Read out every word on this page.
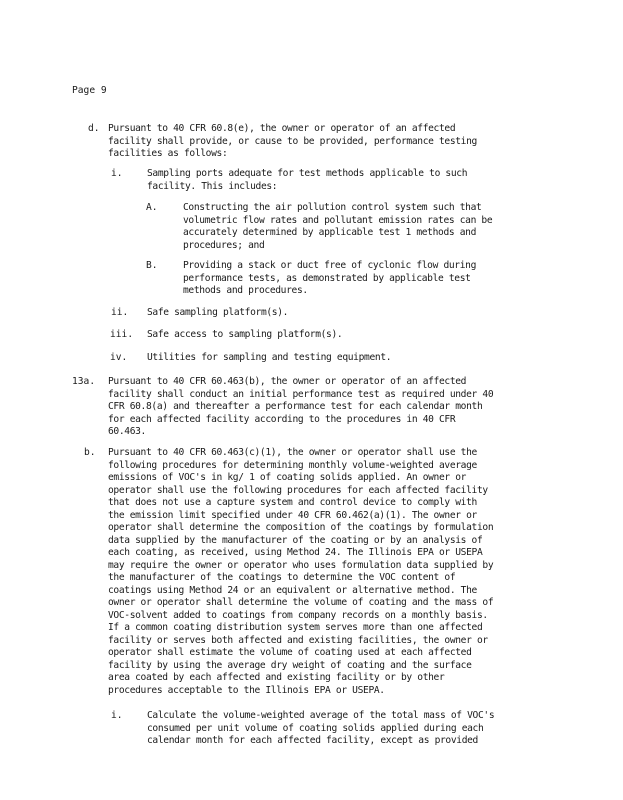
Page 9
d. Pursuant to 40 CFR 60.8(e), the owner or operator of an affected
facility shall provide, or cause to be provided, performance testing
facilities as follows:
i.	Sampling ports adequate for test methods applicable to such
facility. This includes:
A.	Constructing the air pollution control system such that
volumetric flow rates and pollutant emission rates can be
accurately determined by applicable test 1 methods and
procedures; and
B.	Providing a stack or duct free of cyclonic flow during
performance tests, as demonstrated by applicable test
methods and procedures.
ii. Safe sampling platform(s).
iii. Safe access to sampling platform(s).
iv. Utilities for sampling and testing equipment.
13a. Pursuant to 40 CFR 60.463(b), the owner or operator of an affected
facility shall conduct an initial performance test as required under 40
CFR 60.8(a) and thereafter a performance test for each calendar month
for each affected facility according to the procedures in 40 CFR
60.463.
b. Pursuant to 40 CFR 60.463(c)(1), the owner or operator shall use the
following procedures for determining monthly volume-weighted average
emissions of VOC's in kg/ 1 of coating solids applied. An owner or
operator shall use the following procedures for each affected facility
that does not use a capture system and control device to comply with
the emission limit specified under 40 CFR 60.462(a)(1). The owner or
operator shall determine the composition of the coatings by formulation
data supplied by the manufacturer of the coating or by an analysis of
each coating, as received, using Method 24. The Illinois EPA or USEPA
may require the owner or operator who uses formulation data supplied by
the manufacturer of the coatings to determine the VOC content of
coatings using Method 24 or an equivalent or alternative method. The
owner or operator shall determine the volume of coating and the mass of
VOC-solvent added to coatings from company records on a monthly basis.
If a common coating distribution system serves more than one affected
facility or serves both affected and existing facilities, the owner or
operator shall estimate the volume of coating used at each affected
facility by using the average dry weight of coating and the surface
area coated by each affected and existing facility or by other
procedures acceptable to the Illinois EPA or USEPA.
i.	Calculate the volume-weighted average of the total mass of VOC's
consumed per unit volume of coating solids applied during each
calendar month for each affected facility, except as provided
